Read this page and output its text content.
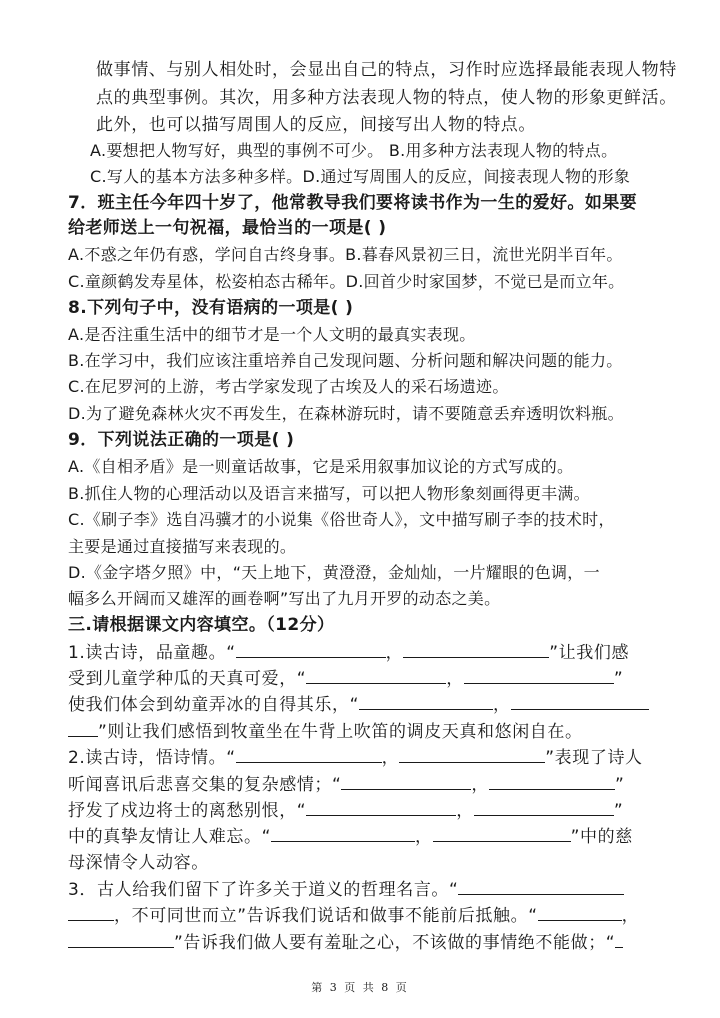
做事情、与别人相处时，会显出自己的特点，习作时应选择最能表现人物特
点的典型事例。其次，用多种方法表现人物的特点，使人物的形象更鲜活。
此外，也可以描写周围人的反应，间接写出人物的特点。
A.要想把人物写好，典型的事例不可少。 B.用多种方法表现人物的特点。
C.写人的基本方法多种多样。D.通过写周围人的反应，间接表现人物的形象
7．班主任今年四十岁了，他常教导我们要将读书作为一生的爱好。如果要
给老师送上一句祝福，最恰当的一项是( )
A.不惑之年仍有惑，学问自古终身事。B.暮春风景初三日，流世光阴半百年。
C.童颜鹤发寿星体，松姿柏态古稀年。D.回首少时家国梦，不觉已是而立年。
8.下列句子中，没有语病的一项是( )
A.是否注重生活中的细节才是一个人文明的最真实表现。
B.在学习中，我们应该注重培养自己发现问题、分析问题和解决问题的能力。
C.在尼罗河的上游，考古学家发现了古埃及人的采石场遗迹。
D.为了避免森林火灾不再发生，在森林游玩时，请不要随意丢弃透明饮料瓶。
9．下列说法正确的一项是( )
A.《自相矛盾》是一则童话故事，它是采用叙事加议论的方式写成的。
B.抓住人物的心理活动以及语言来描写，可以把人物形象刻画得更丰满。
C.《刷子李》选自冯骥才的小说集《俗世奇人》，文中描写刷子李的技术时，
主要是通过直接描写来表现的。
D.《金字塔夕照》中，“天上地下，黄澄澄，金灿灿，一片耀眼的色调，一
幅多么开阔而又雄浑的画卷啊”写出了九月开罗的动态之美。
三.请根据课文内容填空。（12分）
1.读古诗，品童趣。“	，	”让我们感
受到儿童学种瓜的天真可爱，“	，	”
使我们体会到幼童弄冰的自得其乐，“	，
”则让我们感悟到牧童坐在牛背上吹笛的调皮天真和悠闲自在。
2.读古诗，悟诗情。“	，	”表现了诗人
听闻喜讯后悲喜交集的复杂感情；“	，	”
抒发了戍边将士的离愁别恨，“	，	”
中的真挚友情让人难忘。“	，	”中的慈
母深情令人动容。
3．古人给我们留下了许多关于道义的哲理名言。“
，不可同世而立”告诉我们说话和做事不能前后抵触。“	，
”告诉我们做人要有羞耻之心，不该做的事情绝不能做；“
第 3 页 共 8 页
